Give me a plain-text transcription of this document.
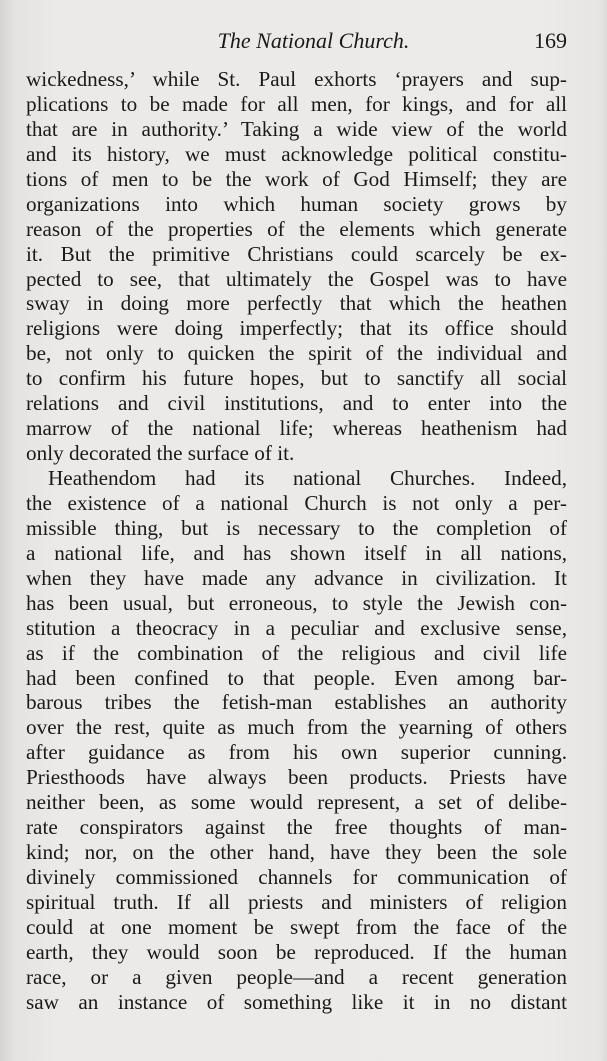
The National Church.	169
wickedness,’ while St. Paul exhorts ‘prayers and sup-
plications to be made for all men, for kings, and for all
that are in authority.’ Taking a wide view of the world
and its history, we must acknowledge political constitu-
tions of men to be the work of God Himself; they are
organizations into which human society grows by
reason of the properties of the elements which generate
it. But the primitive Christians could scarcely be ex-
pected to see, that ultimately the Gospel was to have
sway in doing more perfectly that which the heathen
religions were doing imperfectly; that its office should
be, not only to quicken the spirit of the individual and
to confirm his future hopes, but to sanctify all social
relations and civil institutions, and to enter into the
marrow of the national life; whereas heathenism had
only decorated the surface of it.
Heathendom had its national Churches. Indeed,
the existence of a national Church is not only a per-
missible thing, but is necessary to the completion of
a national life, and has shown itself in all nations,
when they have made any advance in civilization. It
has been usual, but erroneous, to style the Jewish con-
stitution a theocracy in a peculiar and exclusive sense,
as if the combination of the religious and civil life
had been confined to that people. Even among bar-
barous tribes the fetish-man establishes an authority
over the rest, quite as much from the yearning of others
after guidance as from his own superior cunning.
Priesthoods have always been products. Priests have
neither been, as some would represent, a set of delibe-
rate conspirators against the free thoughts of man-
kind; nor, on the other hand, have they been the sole
divinely commissioned channels for communication of
spiritual truth. If all priests and ministers of religion
could at one moment be swept from the face of the
earth, they would soon be reproduced. If the human
race, or a given people—and a recent generation
saw an instance of something like it in no distant
